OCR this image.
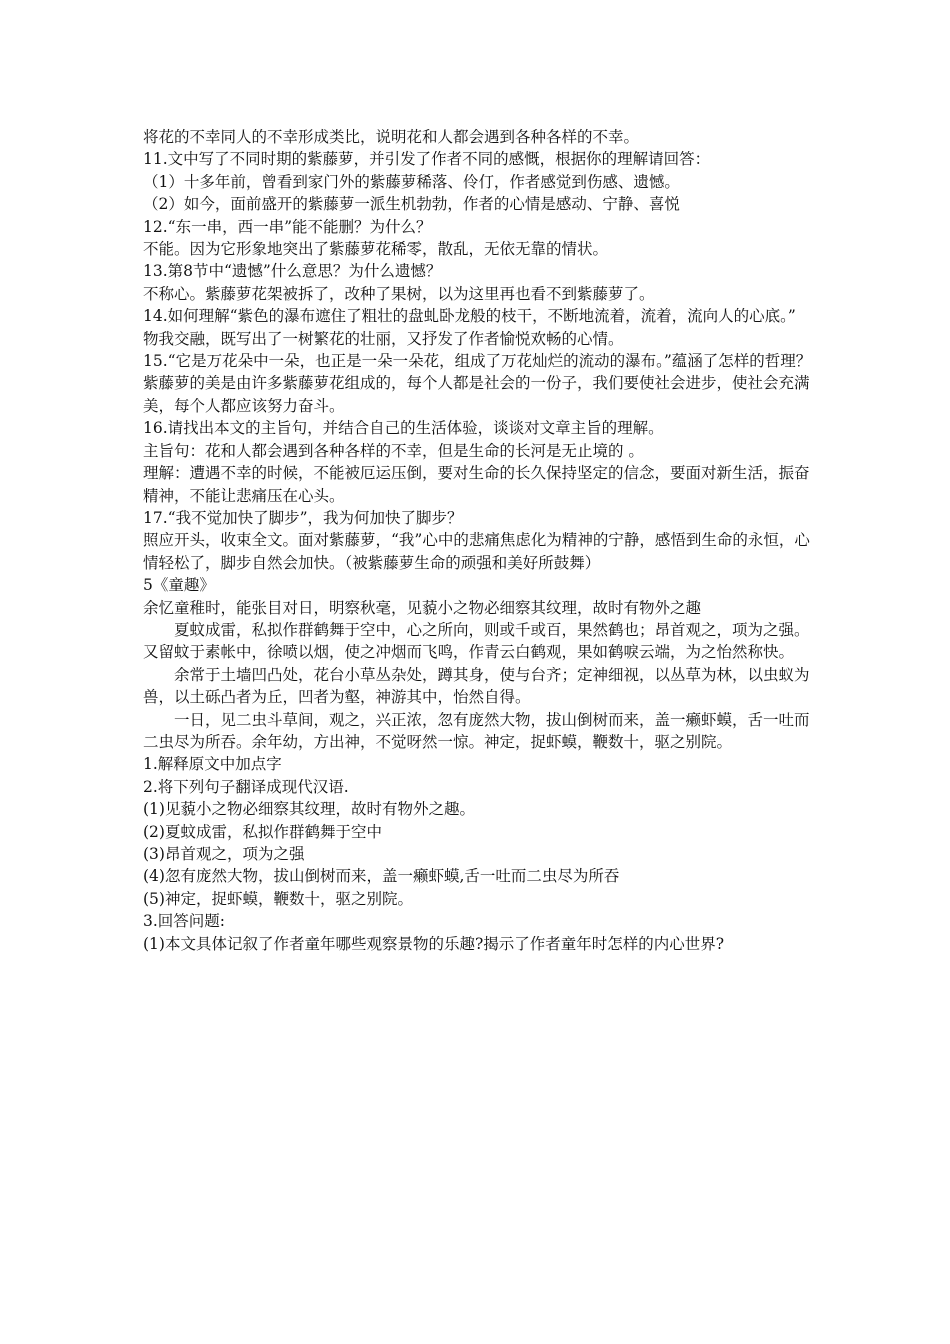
将花的不幸同人的不幸形成类比，说明花和人都会遇到各种各样的不幸。

11.文中写了不同时期的紫藤萝，并引发了作者不同的感慨，根据你的理解请回答：

（1）十多年前，曾看到家门外的紫藤萝稀落、伶仃，作者感觉到伤感、遗憾。

（2）如今，面前盛开的紫藤萝一派生机勃勃，作者的心情是感动、宁静、喜悦

12.“东一串，西一串”能不能删？为什么？

不能。因为它形象地突出了紫藤萝花稀零，散乱，无依无靠的情状。

13.第8节中“遗憾”什么意思？为什么遗憾？

不称心。紫藤萝花架被拆了，改种了果树，以为这里再也看不到紫藤萝了。

14.如何理解“紫色的瀑布遮住了粗壮的盘虬卧龙般的枝干，不断地流着，流着，流向人的心底。”

物我交融，既写出了一树繁花的壮丽，又抒发了作者愉悦欢畅的心情。

15.“它是万花朵中一朵，也正是一朵一朵花，组成了万花灿烂的流动的瀑布。”蕴涵了怎样的哲理？

紫藤萝的美是由许多紫藤萝花组成的，每个人都是社会的一份子，我们要使社会进步，使社会充满美，每个人都应该努力奋斗。

16.请找出本文的主旨句，并结合自己的生活体验，谈谈对文章主旨的理解。

主旨句：花和人都会遇到各种各样的不幸，但是生命的长河是无止境的 。

理解：遭遇不幸的时候，不能被厄运压倒，要对生命的长久保持坚定的信念，要面对新生活，振奋精神，不能让悲痛压在心头。

17.“我不觉加快了脚步”，我为何加快了脚步？

照应开头，收束全文。面对紫藤萝，“我”心中的悲痛焦虑化为精神的宁静，感悟到生命的永恒，心情轻松了，脚步自然会加快。（被紫藤萝生命的顽强和美好所鼓舞）

5《童趣》

余忆童稚时，能张目对日，明察秋毫，见藐小之物必细察其纹理，故时有物外之趣

夏蚊成雷，私拟作群鹤舞于空中，心之所向，则或千或百，果然鹤也；昂首观之，项为之强。又留蚊于素帐中，徐喷以烟，使之冲烟而飞鸣，作青云白鹤观，果如鹤唳云端，为之怡然称快。

余常于土墙凹凸处，花台小草丛杂处，蹲其身，使与台齐；定神细视，以丛草为林，以虫蚁为兽，以土砾凸者为丘，凹者为壑，神游其中，怡然自得。

一日，见二虫斗草间，观之，兴正浓，忽有庞然大物，拔山倒树而来，盖一癞虾蟆，舌一吐而二虫尽为所吞。余年幼，方出神，不觉呀然一惊。神定，捉虾蟆，鞭数十，驱之别院。

1.解释原文中加点字

2.将下列句子翻译成现代汉语.

(1)见藐小之物必细察其纹理，故时有物外之趣。

(2)夏蚊成雷，私拟作群鹤舞于空中

(3)昂首观之，项为之强

(4)忽有庞然大物，拔山倒树而来，盖一癞虾蟆,舌一吐而二虫尽为所吞

(5)神定，捉虾蟆，鞭数十，驱之别院。

3.回答问题:

(1)本文具体记叙了作者童年哪些观察景物的乐趣?揭示了作者童年时怎样的内心世界?
